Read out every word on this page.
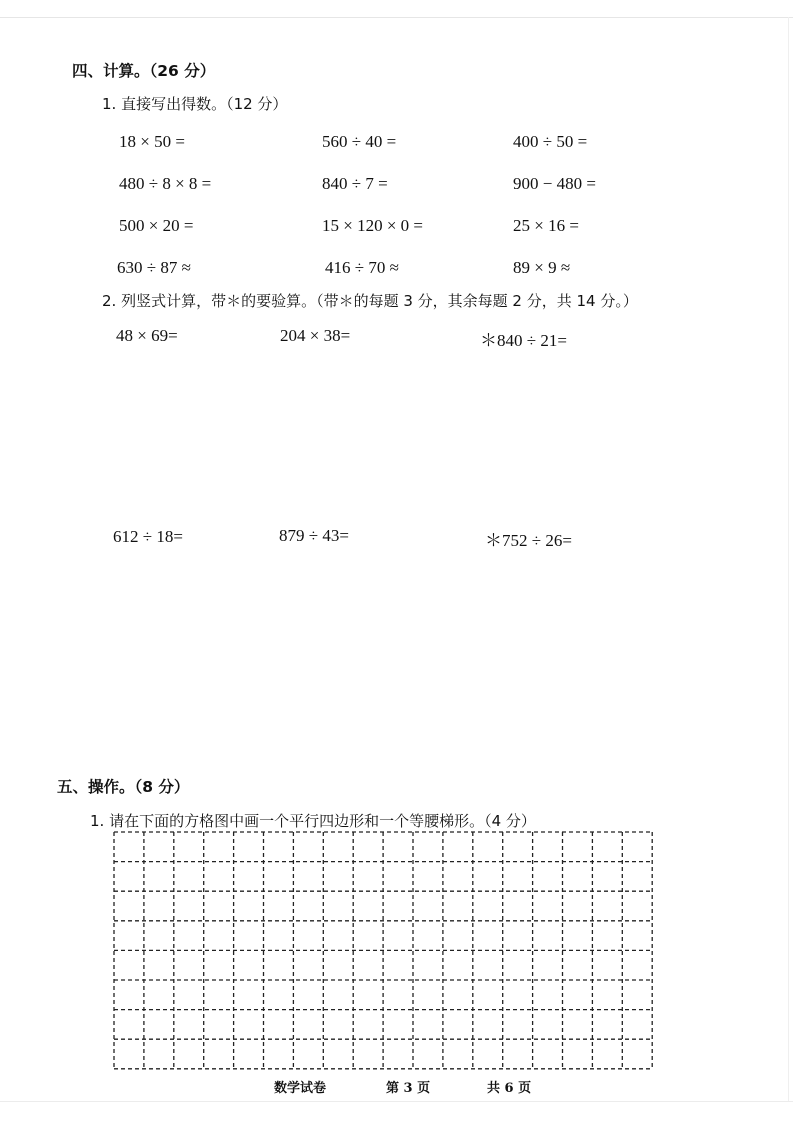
四、计算。（26 分）
1. 直接写出得数。（12 分）
18 × 50 =	560 ÷ 40 =	400 ÷ 50 =
480 ÷ 8 × 8 =	840 ÷ 7 =	900 − 480 =
500 × 20 =	15 × 120 × 0 =	25 × 16 =
630 ÷ 87 ≈	416 ÷ 70 ≈	89 × 9 ≈
2. 列竖式计算，带＊的要验算。（带＊的每题 3 分，其余每题 2 分，共 14 分。）
48 × 69=	204 × 38=	＊840 ÷ 21=
612 ÷ 18=	879 ÷ 43=	＊752 ÷ 26=
五、操作。（8 分）
1. 请在下面的方格图中画一个平行四边形和一个等腰梯形。（4 分）
数学试卷	第 3 页	共 6 页
